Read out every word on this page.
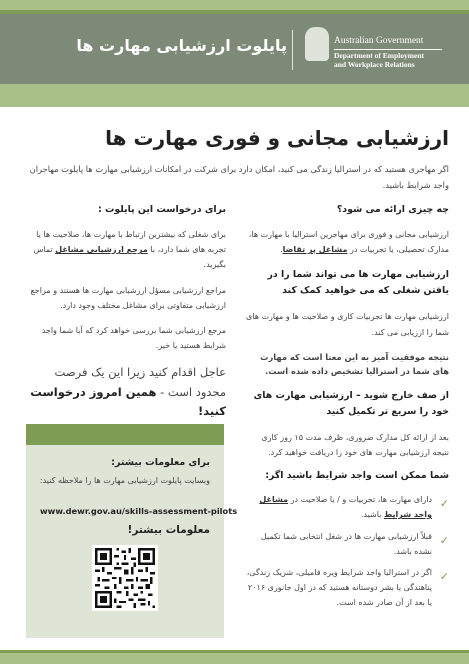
پایلوت ارزشیابی مهارت ها	Australian Government
Department of Employment
and Workplace Relations
ارزشیابی مجانی و فوری مهارت ها
اگر مهاجری هستید که در استرالیا زندگی می کنید، امکان دارد برای شرکت در امکانات ارزشیابی مهارت ها پایلوت مهاجران واجد شرایط باشید.
چه چیزی ارائه می شود؟

ارزشیابی مجانی و فوری برای مهاجرین استرالیا با مهارت ها، مدارک تحصیلی، یا تجربیات در مشاغل پر تقاضا.

ارزشیابی مهارت ها می تواند شما را در یافتن شغلی که می خواهید کمک کند

ارزشیابی مهارت ها تجربیات کاری و صلاحیت ها و مهارت های شما را ارزیابی می کند.

نتیجه موفقیت آمیز به این معنا است که مهارت های شما در استرالیا تشخیص داده شده است.

از صف خارج شوید – ارزشیابی مهارت های خود را سریع تر تکمیل کنید

بعد از ارائه کل مدارک ضروری، ظرف مدت ۱۵ روز کاری نتیجه ارزشیابی مهارت های خود را دریافت خواهید کرد.

شما ممکن است واجد شرایط باشید اگر:
✓
دارای مهارت ها، تجربیات و / یا صلاحیت در مشاغل واجد شرایط باشید.
✓
قبلاً ارزشیابی مهارت ها در شغل انتخابی شما تکمیل نشده باشد.
✓
اگر در استرالیا واجد شرایط ویزه فامیلی، شریک زندگی، پناهندگی یا بشر دوستانه هستید که در اول جانوری ۲۰۱۶ یا بعد از آن صادر شده است.
برای درخواست این پایلوت :

برای شغلی که بیشترین ارتباط با مهارت ها، صلاحیت ها یا تجربه های شما دارد، با مرجع ارزشیابی مشاغل تماس بگیرید.

مراجع ارزشیابی مسؤل ارزشیابی مهارت ها هستند و مراجع ارزشیابی متفاوتی برای مشاغل مختلف وجود دارد.

مرجع ارزشیابی شما بررسی خواهد کرد که آیا شما واجد شرایط هستید یا خیر.

عاجل اقدام کنید زیرا این یک فرصت محدود است - همین امروز درخواست کنید!
برای معلومات بیشتر:
وبسایت پایلوت ارزشیابی مهارت ها را ملاحظه کنید:
www.dewr.gov.au/skills-assessment-pilots
معلومات بیشتر!
